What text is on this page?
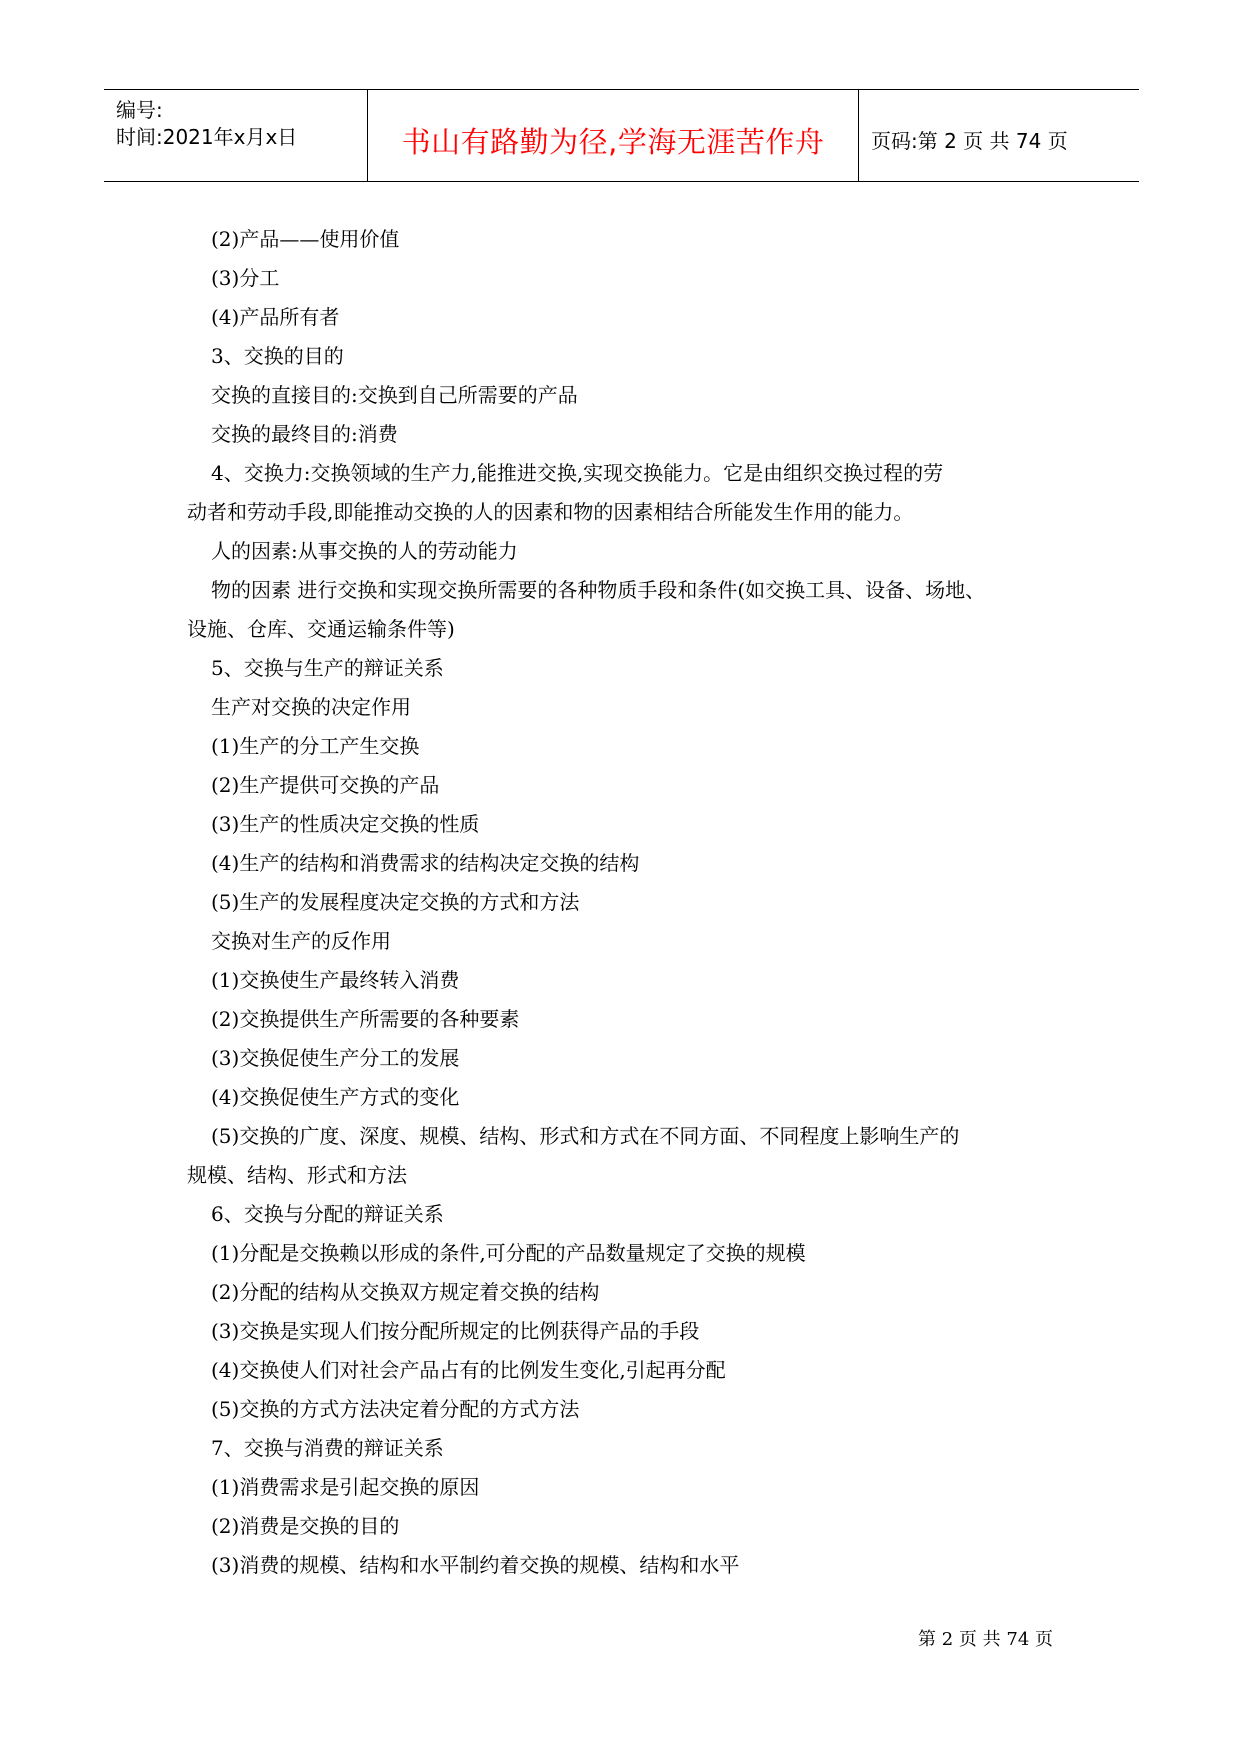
编号:
时间:2021年x月x日	书山有路勤为径,学海无涯苦作舟	页码:第 2 页 共 74 页
(2)产品——使用价值
(3)分工
(4)产品所有者
3、交换的目的
交换的直接目的:交换到自己所需要的产品
交换的最终目的:消费
4、交换力:交换领域的生产力,能推进交换,实现交换能力。它是由组织交换过程的劳
动者和劳动手段,即能推动交换的人的因素和物的因素相结合所能发生作用的能力。
人的因素:从事交换的人的劳动能力
物的因素 进行交换和实现交换所需要的各种物质手段和条件(如交换工具、设备、场地、
设施、仓库、交通运输条件等)
5、交换与生产的辩证关系
生产对交换的决定作用
(1)生产的分工产生交换
(2)生产提供可交换的产品
(3)生产的性质决定交换的性质
(4)生产的结构和消费需求的结构决定交换的结构
(5)生产的发展程度决定交换的方式和方法
交换对生产的反作用
(1)交换使生产最终转入消费
(2)交换提供生产所需要的各种要素
(3)交换促使生产分工的发展
(4)交换促使生产方式的变化
(5)交换的广度、深度、规模、结构、形式和方式在不同方面、不同程度上影响生产的
规模、结构、形式和方法
6、交换与分配的辩证关系
(1)分配是交换赖以形成的条件,可分配的产品数量规定了交换的规模
(2)分配的结构从交换双方规定着交换的结构
(3)交换是实现人们按分配所规定的比例获得产品的手段
(4)交换使人们对社会产品占有的比例发生变化,引起再分配
(5)交换的方式方法决定着分配的方式方法
7、交换与消费的辩证关系
(1)消费需求是引起交换的原因
(2)消费是交换的目的
(3)消费的规模、结构和水平制约着交换的规模、结构和水平
第 2 页 共 74 页
